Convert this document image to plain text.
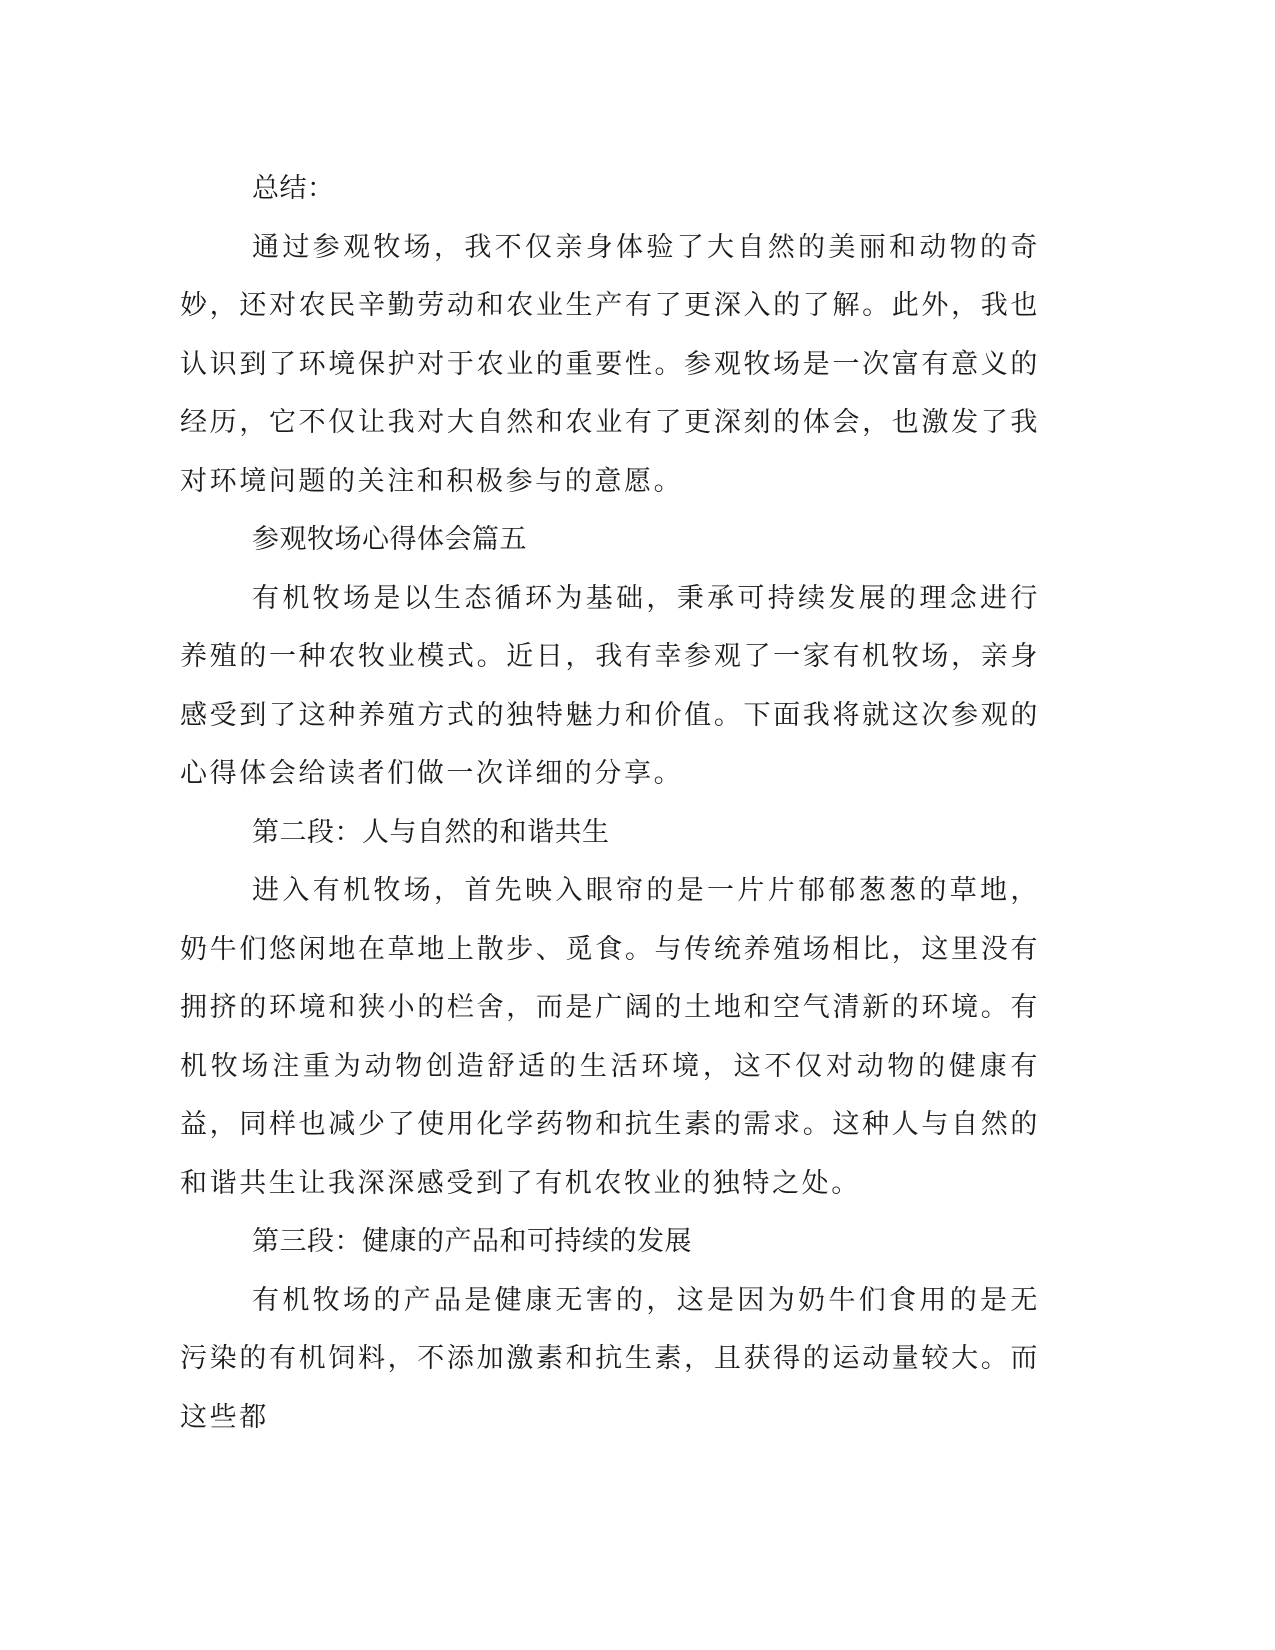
总结：

通过参观牧场，我不仅亲身体验了大自然的美丽和动物的奇妙，还对农民辛勤劳动和农业生产有了更深入的了解。此外，我也认识到了环境保护对于农业的重要性。参观牧场是一次富有意义的经历，它不仅让我对大自然和农业有了更深刻的体会，也激发了我对环境问题的关注和积极参与的意愿。

参观牧场心得体会篇五

有机牧场是以生态循环为基础，秉承可持续发展的理念进行养殖的一种农牧业模式。近日，我有幸参观了一家有机牧场，亲身感受到了这种养殖方式的独特魅力和价值。下面我将就这次参观的心得体会给读者们做一次详细的分享。

第二段：人与自然的和谐共生

进入有机牧场，首先映入眼帘的是一片片郁郁葱葱的草地，奶牛们悠闲地在草地上散步、觅食。与传统养殖场相比，这里没有拥挤的环境和狭小的栏舍，而是广阔的土地和空气清新的环境。有机牧场注重为动物创造舒适的生活环境，这不仅对动物的健康有益，同样也减少了使用化学药物和抗生素的需求。这种人与自然的和谐共生让我深深感受到了有机农牧业的独特之处。

第三段：健康的产品和可持续的发展

有机牧场的产品是健康无害的，这是因为奶牛们食用的是无污染的有机饲料，不添加激素和抗生素，且获得的运动量较大。而这些都
